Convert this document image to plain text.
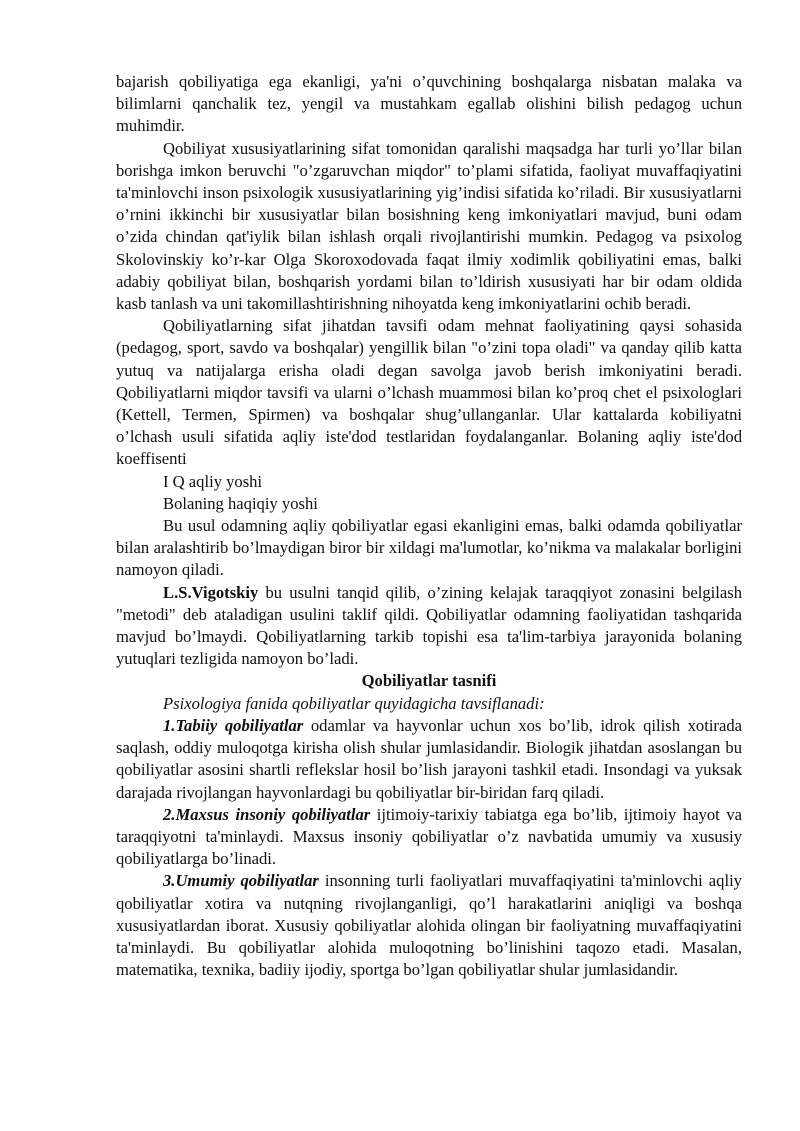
bajarish qobiliyatiga ega ekanligi, ya'ni o’quvchining boshqalarga nisbatan malaka va bilimlarni qanchalik tez, yengil va mustahkam egallab olishini bilish pedagog uchun muhimdir.

Qobiliyat xususiyatlarining sifat tomonidan qaralishi maqsadga har turli yo’llar bilan borishga imkon beruvchi "o’zgaruvchan miqdor" to’plami sifatida, faoliyat muvaffaqiyatini ta'minlovchi inson psixologik xususiyatlarining yig’indisi sifatida ko’riladi. Bir xususiyatlarni o’rnini ikkinchi bir xususiyatlar bilan bosishning keng imkoniyatlari mavjud, buni odam o’zida chindan qat'iylik bilan ishlash orqali rivojlantirishi mumkin. Pedagog va psixolog Skolovinskiy ko’r-kar Olga Skoroxodovada faqat ilmiy xodimlik qobiliyatini emas, balki adabiy qobiliyat bilan, boshqarish yordami bilan to’ldirish xususiyati har bir odam oldida kasb tanlash va uni takomillashtirishning nihoyatda keng imkoniyatlarini ochib beradi.

Qobiliyatlarning sifat jihatdan tavsifi odam mehnat faoliyatining qaysi sohasida (pedagog, sport, savdo va boshqalar) yengillik bilan "o’zini topa oladi" va qanday qilib katta yutuq va natijalarga erisha oladi degan savolga javob berish imkoniyatini beradi. Qobiliyatlarni miqdor tavsifi va ularni o’lchash muammosi bilan ko’proq chet el psixologlari (Kettell, Termen, Spirmen) va boshqalar shug’ullanganlar. Ular kattalarda kobiliyatni o’lchash usuli sifatida aqliy iste'dod testlaridan foydalanganlar. Bolaning aqliy iste'dod koeffisenti

I Q aqliy yoshi

Bolaning haqiqiy yoshi

Bu usul odamning aqliy qobiliyatlar egasi ekanligini emas, balki odamda qobiliyatlar bilan aralashtirib bo’lmaydigan biror bir xildagi ma'lumotlar, ko’nikma va malakalar borligini namoyon qiladi.

L.S.Vigotskiy bu usulni tanqid qilib, o’zining kelajak taraqqiyot zonasini belgilash "metodi" deb ataladigan usulini taklif qildi. Qobiliyatlar odamning faoliyatidan tashqarida mavjud bo’lmaydi. Qobiliyatlarning tarkib topishi esa ta'lim-tarbiya jarayonida bolaning yutuqlari tezligida namoyon bo’ladi.

Qobiliyatlar tasnifi

Psixologiya fanida qobiliyatlar quyidagicha tavsiflanadi:

1.Tabiiy qobiliyatlar odamlar va hayvonlar uchun xos bo’lib, idrok qilish xotirada saqlash, oddiy muloqotga kirisha olish shular jumlasidandir. Biologik jihatdan asoslangan bu qobiliyatlar asosini shartli reflekslar hosil bo’lish jarayoni tashkil etadi. Insondagi va yuksak darajada rivojlangan hayvonlardagi bu qobiliyatlar bir-biridan farq qiladi.

2.Maxsus insoniy qobiliyatlar ijtimoiy-tarixiy tabiatga ega bo’lib, ijtimoiy hayot va taraqqiyotni ta'minlaydi. Maxsus insoniy qobiliyatlar o’z navbatida umumiy va xususiy qobiliyatlarga bo’linadi.

3.Umumiy qobiliyatlar insonning turli faoliyatlari muvaffaqiyatini ta'minlovchi aqliy qobiliyatlar xotira va nutqning rivojlanganligi, qo’l harakatlarini aniqligi va boshqa xususiyatlardan iborat. Xususiy qobiliyatlar alohida olingan bir faoliyatning muvaffaqiyatini ta'minlaydi. Bu qobiliyatlar alohida muloqotning bo’linishini taqozo etadi. Masalan, matematika, texnika, badiiy ijodiy, sportga bo’lgan qobiliyatlar shular jumlasidandir.
